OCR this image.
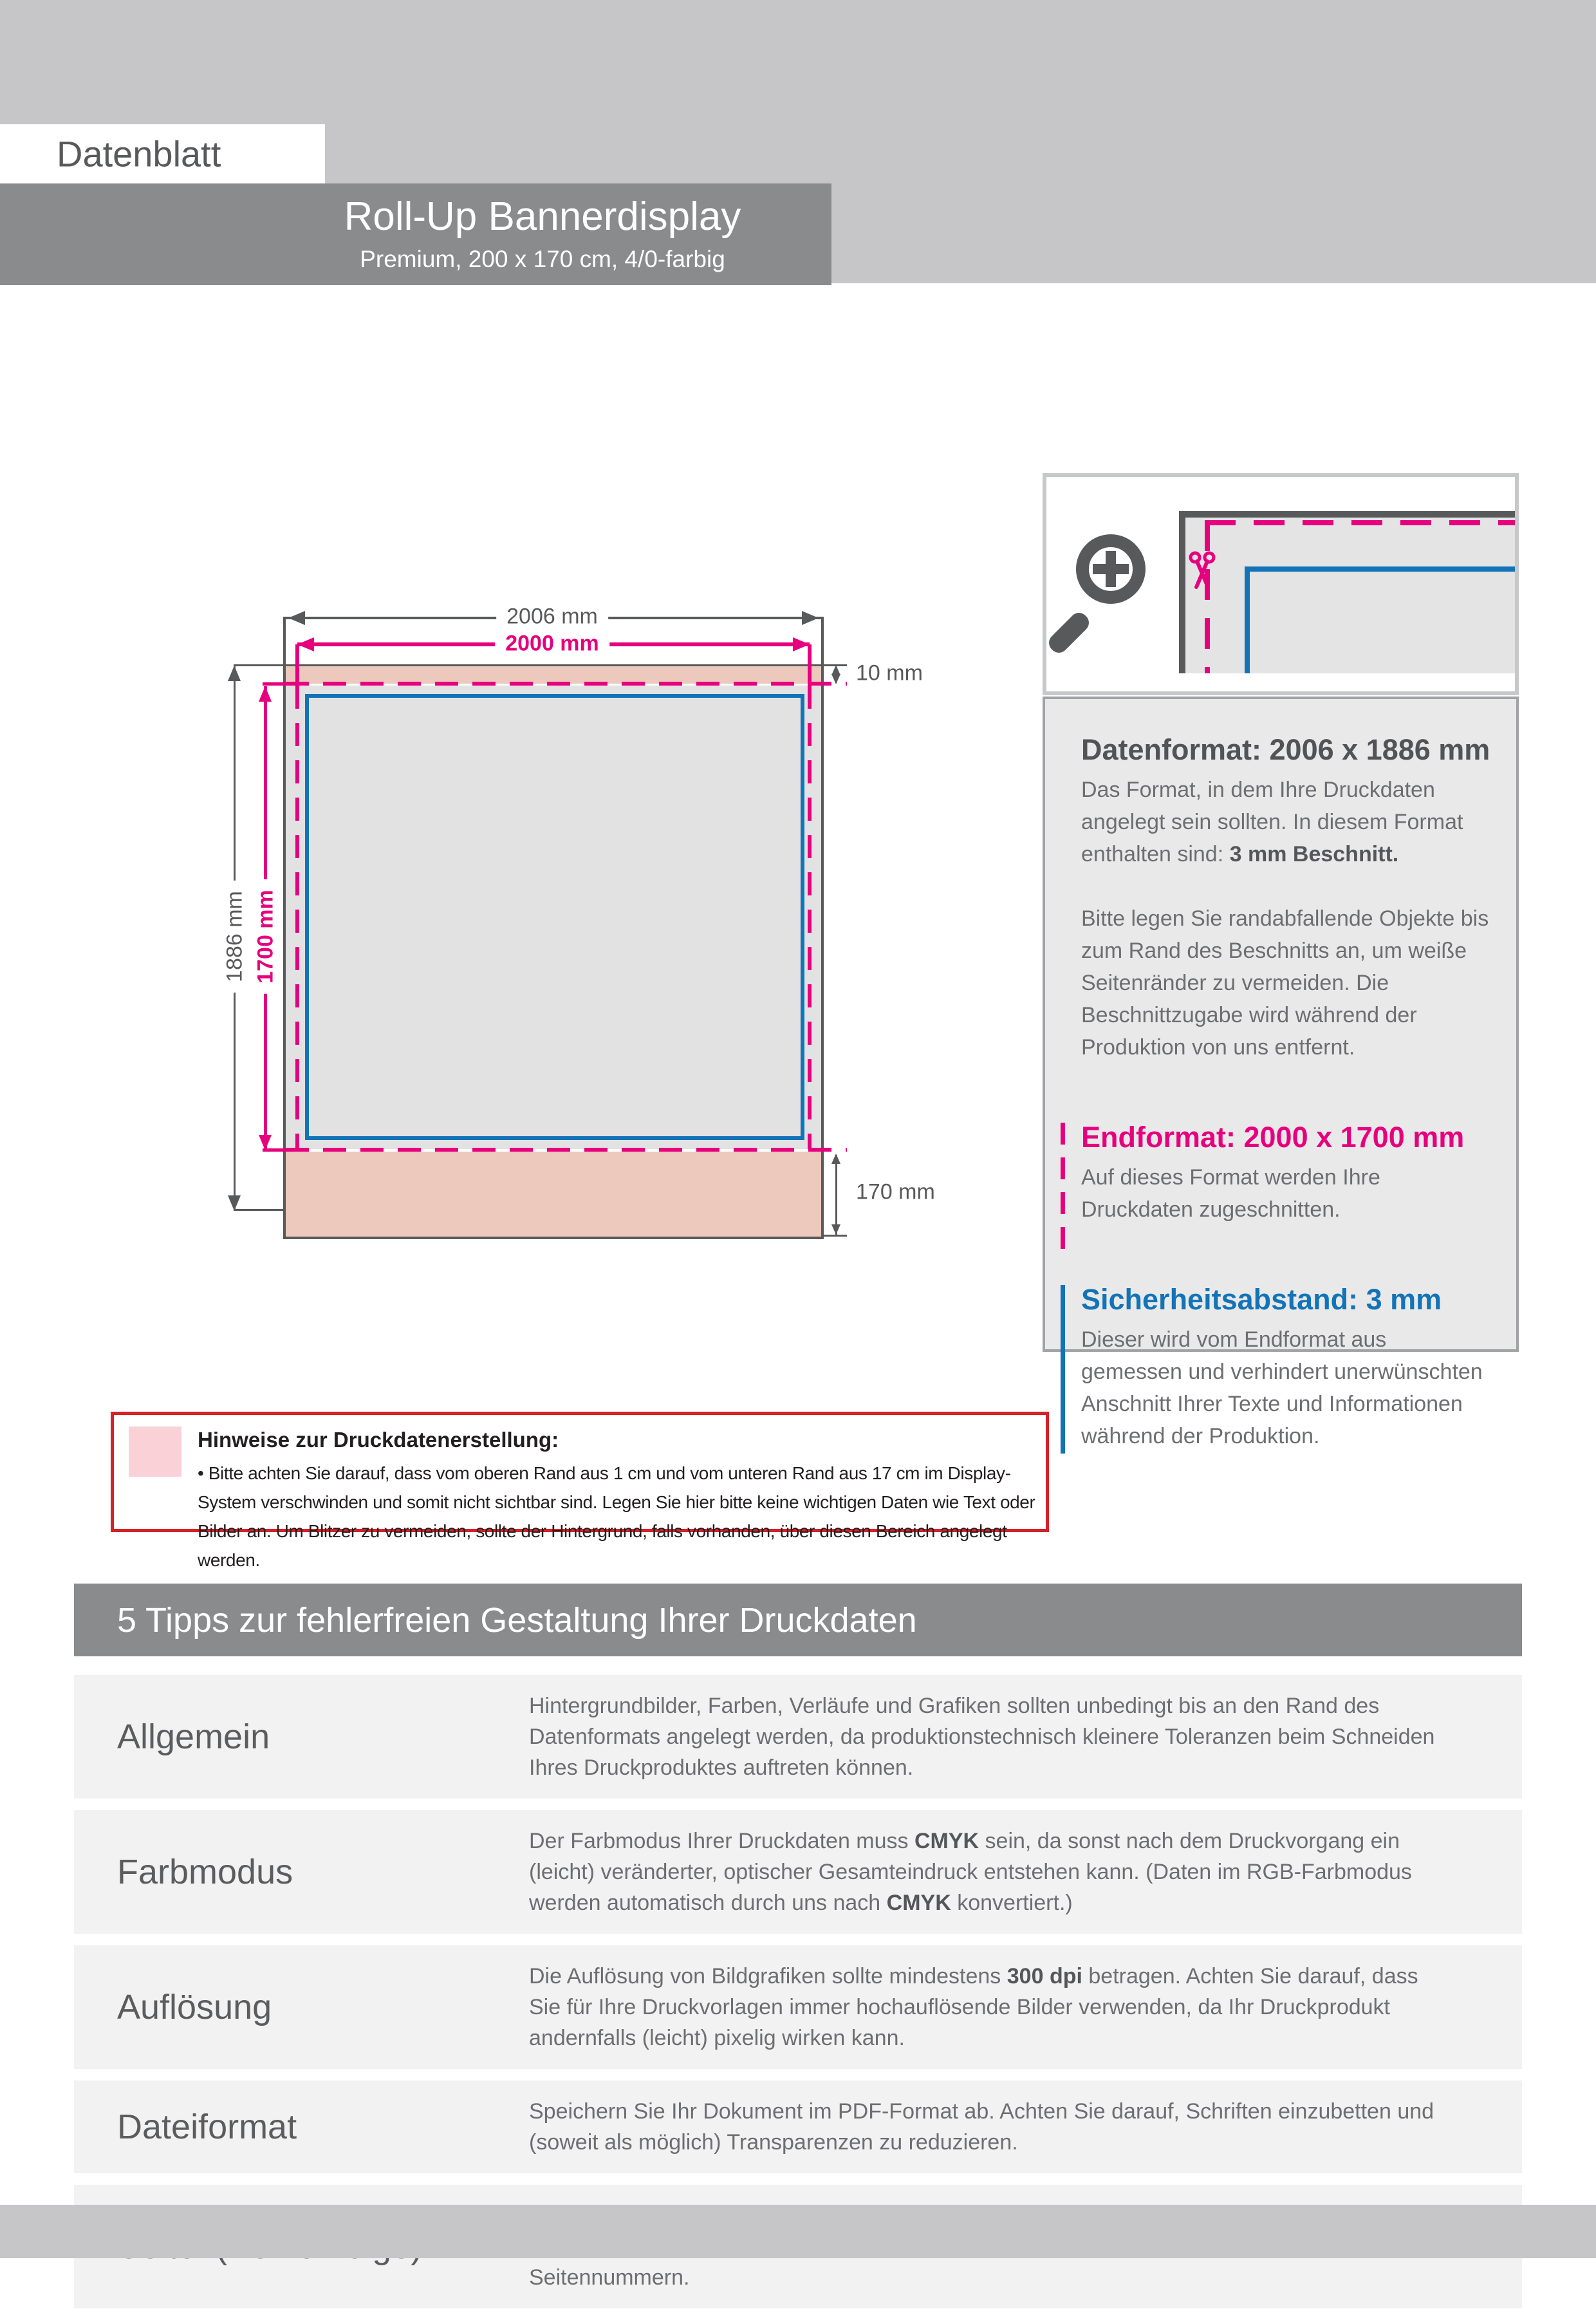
Datenblatt
Roll-Up Bannerdisplay
Premium, 200 x 170 cm, 4/0-farbig
2006 mm
2000 mm
1886 mm 1700 mm
10 mm
170 mm
Datenformat: 2006 x 1886 mm

Das Format, in dem Ihre Druckdaten angelegt sein sollten. In diesem Format enthalten sind: 3 mm Beschnitt.

Bitte legen Sie randabfallende Objekte bis zum Rand des Beschnitts an, um weiße Seitenränder zu vermeiden. Die Beschnittzugabe wird während der Produktion von uns entfernt.

Endformat: 2000 x 1700 mm

Auf dieses Format werden Ihre Druckdaten zugeschnitten.

Sicherheitsabstand: 3 mm

Dieser wird vom Endformat aus gemessen und verhindert unerwünschten Anschnitt Ihrer Texte und Informationen während der Produktion.

Hinweise zur Druckdatenerstellung:

• Bitte achten Sie darauf, dass vom oberen Rand aus 1 cm und vom unteren Rand aus 17 cm im Display-System verschwinden und somit nicht sichtbar sind. Legen Sie hier bitte keine wichtigen Daten wie Text oder Bilder an. Um Blitzer zu vermeiden, sollte der Hintergrund, falls vorhanden, über diesen Bereich angelegt werden.

5 Tipps zur fehlerfreien Gestaltung Ihrer Druckdaten
Allgemein
Hintergrundbilder, Farben, Verläufe und Grafiken sollten unbedingt bis an den Rand des Datenformats angelegt werden, da produktionstechnisch kleinere Toleranzen beim Schneiden Ihres Druckproduktes auftreten können.
Farbmodus
Der Farbmodus Ihrer Druckdaten muss CMYK sein, da sonst nach dem Druckvorgang ein (leicht) veränderter, optischer Gesamteindruck entstehen kann. (Daten im RGB-Farbmodus werden automatisch durch uns nach CMYK konvertiert.)
Auflösung
Die Auflösung von Bildgrafiken sollte mindestens 300 dpi betragen. Achten Sie darauf, dass Sie für Ihre Druckvorlagen immer hochauflösende Bilder verwenden, da Ihr Druckprodukt andernfalls (leicht) pixelig wirken kann.
Dateiformat	Speichern Sie Ihr Dokument im PDF-Format ab. Achten Sie darauf, Schriften einzubetten und (soweit als möglich) Transparenzen zu reduzieren.
Seitennummern.
